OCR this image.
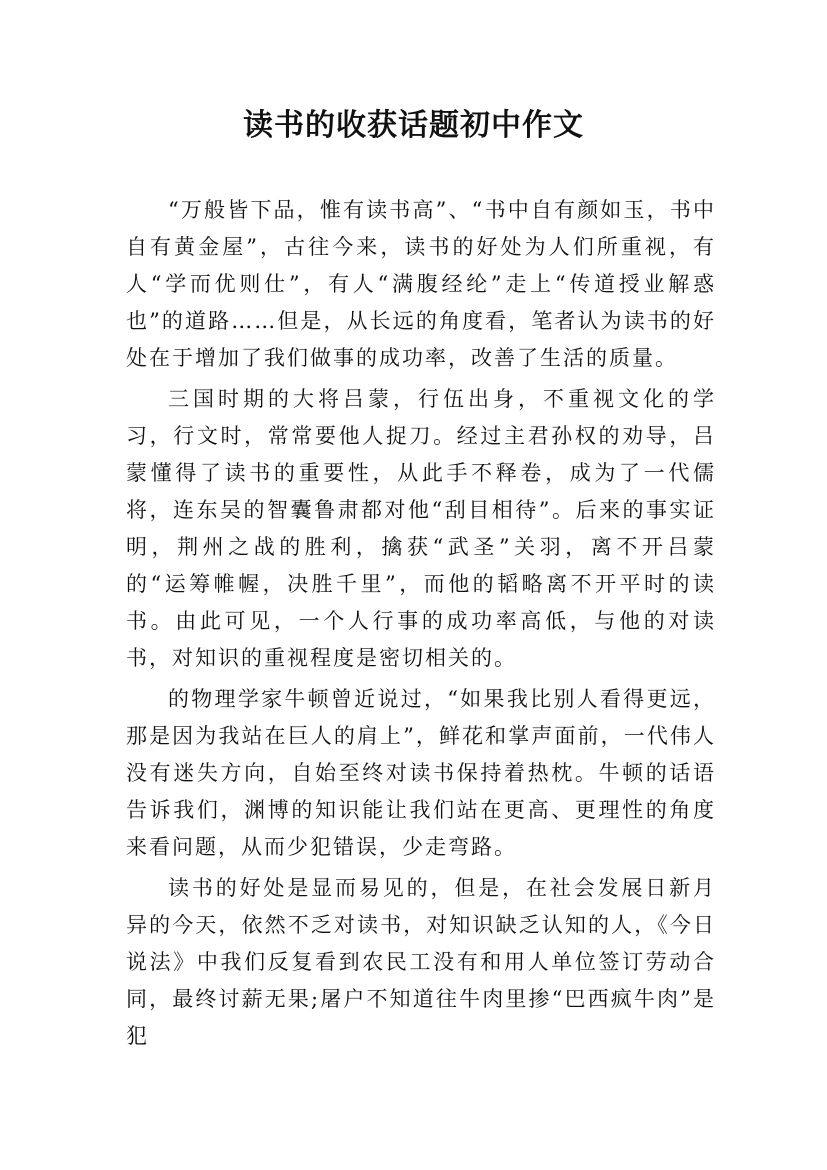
读书的收获话题初中作文

“万般皆下品，惟有读书高”、“书中自有颜如玉，书中自有黄金屋”，古往今来，读书的好处为人们所重视，有人“学而优则仕”，有人“满腹经纶”走上“传道授业解惑也”的道路……但是，从长远的角度看，笔者认为读书的好处在于增加了我们做事的成功率，改善了生活的质量。

三国时期的大将吕蒙，行伍出身，不重视文化的学习，行文时，常常要他人捉刀。经过主君孙权的劝导，吕蒙懂得了读书的重要性，从此手不释卷，成为了一代儒将，连东吴的智囊鲁肃都对他“刮目相待”。后来的事实证明，荆州之战的胜利，擒获“武圣”关羽，离不开吕蒙的“运筹帷幄，决胜千里”，而他的韬略离不开平时的读书。由此可见，一个人行事的成功率高低，与他的对读书，对知识的重视程度是密切相关的。

的物理学家牛顿曾近说过，“如果我比别人看得更远，那是因为我站在巨人的肩上”，鲜花和掌声面前，一代伟人没有迷失方向，自始至终对读书保持着热枕。牛顿的话语告诉我们，渊博的知识能让我们站在更高、更理性的角度来看问题，从而少犯错误，少走弯路。

读书的好处是显而易见的，但是，在社会发展日新月异的今天，依然不乏对读书，对知识缺乏认知的人，《今日说法》中我们反复看到农民工没有和用人单位签订劳动合同，最终讨薪无果;屠户不知道往牛肉里掺“巴西疯牛肉”是犯
